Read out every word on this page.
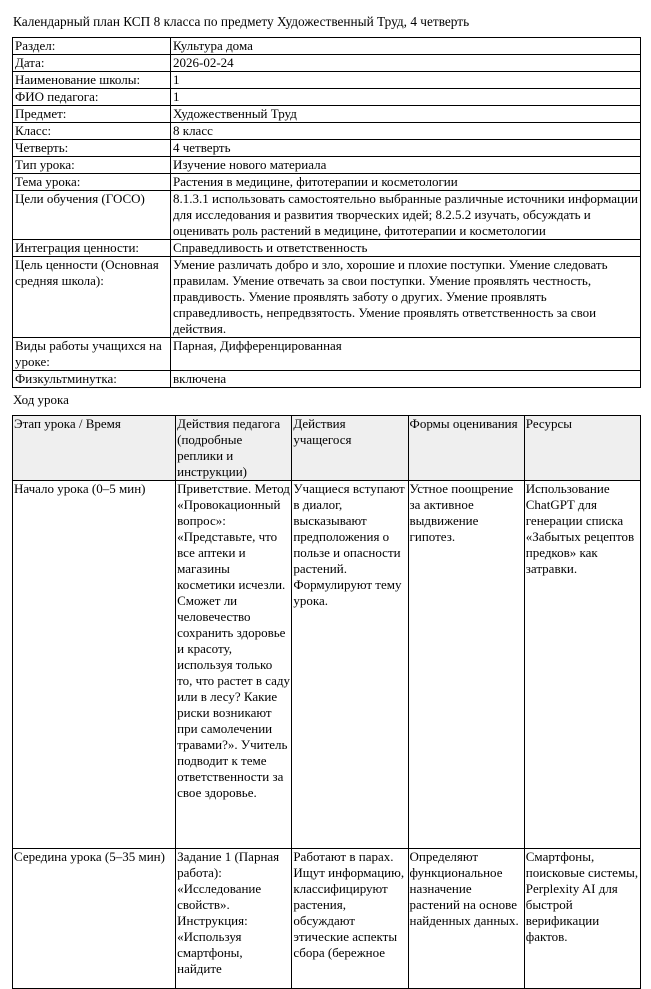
Календарный план КСП 8 класса по предмету Художественный Труд, 4 четверть
Раздел:	Культура дома
Дата:	2026-02-24
Наименование школы:	1
ФИО педагога:	1
Предмет:	Художественный Труд
Класс:	8 класс
Четверть:	4 четверть
Тип урока:	Изучение нового материала
Тема урока:	Растения в медицине, фитотерапии и косметологии
Цели обучения (ГОСО)	8.1.3.1 использовать самостоятельно выбранные различные источники информации для исследования и развития творческих идей; 8.2.5.2 изучать, обсуждать и оценивать роль растений в медицине, фитотерапии и косметологии
Интеграция ценности:	Справедливость и ответственность
Цель ценности (Основная средняя школа):	Умение различать добро и зло, хорошие и плохие поступки. Умение следовать правилам. Умение отвечать за свои поступки. Умение проявлять честность, правдивость. Умение проявлять заботу о других. Умение проявлять справедливость, непредвзятость. Умение проявлять ответственность за свои действия.
Виды работы учащихся на уроке:	Парная, Дифференцированная
Физкультминутка:	включена
Ход урока
Этап урока / Время	Действия педагога (подробные реплики и инструкции)	Действия учащегося	Формы оценивания	Ресурсы
Начало урока (0–5 мин)	Приветствие. Метод «Провокационный вопрос»: «Представьте, что все аптеки и магазины косметики исчезли. Сможет ли человечество сохранить здоровье и красоту, используя только то, что растет в саду или в лесу? Какие риски возникают при самолечении травами?». Учитель подводит к теме ответственности за свое здоровье.	Учащиеся вступают в диалог, высказывают предположения о пользе и опасности растений. Формулируют тему урока.	Устное поощрение за активное выдвижение гипотез.	Использование ChatGPT для генерации списка «Забытых рецептов предков» как затравки.
Середина урока (5–35 мин)	Задание 1 (Парная работа): «Исследование свойств». Инструкция: «Используя смартфоны, найдите	Работают в парах. Ищут информацию, классифицируют растения, обсуждают этические аспекты сбора (бережное	Определяют функциональное назначение растений на основе найденных данных.	Смартфоны, поисковые системы, Perplexity AI для быстрой верификации фактов.
